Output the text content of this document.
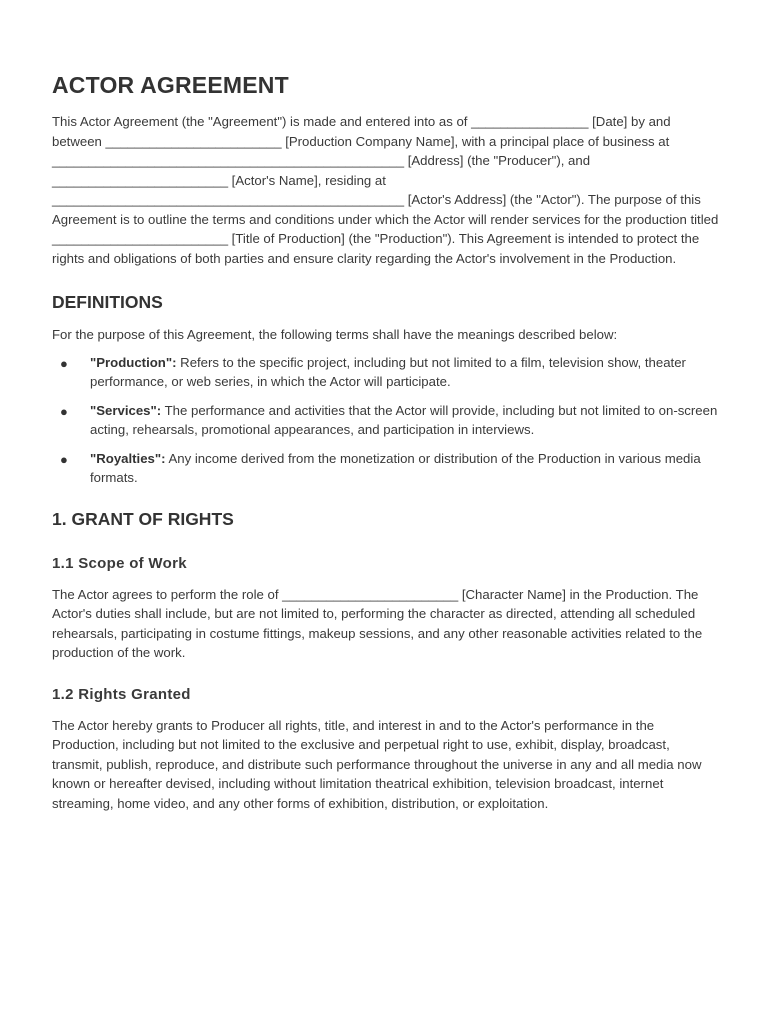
ACTOR AGREEMENT

This Actor Agreement (the "Agreement") is made and entered into as of ________________ [Date] by and between ________________________ [Production Company Name], with a principal place of business at ________________________________________________ [Address] (the "Producer"), and ________________________ [Actor's Name], residing at ________________________________________________ [Actor's Address] (the "Actor"). The purpose of this Agreement is to outline the terms and conditions under which the Actor will render services for the production titled ________________________ [Title of Production] (the "Production"). This Agreement is intended to protect the rights and obligations of both parties and ensure clarity regarding the Actor's involvement in the Production.

DEFINITIONS

For the purpose of this Agreement, the following terms shall have the meanings described below:

● "Production": Refers to the specific project, including but not limited to a film, television show, theater performance, or web series, in which the Actor will participate.
● "Services": The performance and activities that the Actor will provide, including but not limited to on-screen acting, rehearsals, promotional appearances, and participation in interviews.
● "Royalties": Any income derived from the monetization or distribution of the Production in various media formats.
1. GRANT OF RIGHTS
1.1 Scope of Work

The Actor agrees to perform the role of ________________________ [Character Name] in the Production. The Actor's duties shall include, but are not limited to, performing the character as directed, attending all scheduled rehearsals, participating in costume fittings, makeup sessions, and any other reasonable activities related to the production of the work.

1.2 Rights Granted

The Actor hereby grants to Producer all rights, title, and interest in and to the Actor's performance in the Production, including but not limited to the exclusive and perpetual right to use, exhibit, display, broadcast, transmit, publish, reproduce, and distribute such performance throughout the universe in any and all media now known or hereafter devised, including without limitation theatrical exhibition, television broadcast, internet streaming, home video, and any other forms of exhibition, distribution, or exploitation.
